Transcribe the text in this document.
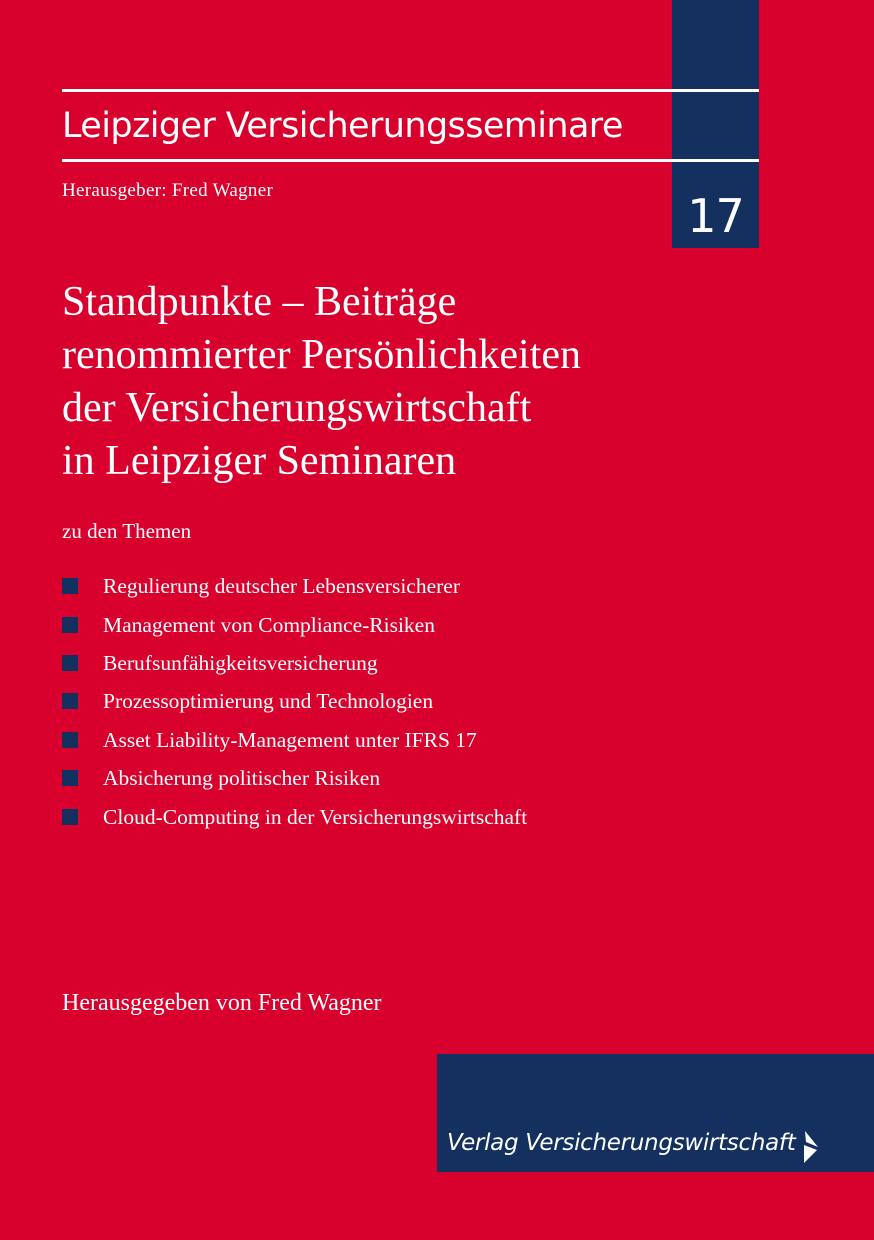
17
Leipziger Versicherungsseminare
Herausgeber: Fred Wagner
Standpunkte – Beiträge
renommierter Persönlichkeiten
der Versicherungswirtschaft
in Leipziger Seminaren
zu den Themen
Regulierung deutscher Lebensversicherer
Management von Compliance-Risiken
Berufsunfähigkeitsversicherung
Prozessoptimierung und Technologien
Asset Liability-Management unter IFRS 17
Absicherung politischer Risiken
Cloud-Computing in der Versicherungswirtschaft
Herausgegeben von Fred Wagner
Verlag Versicherungswirtschaft
